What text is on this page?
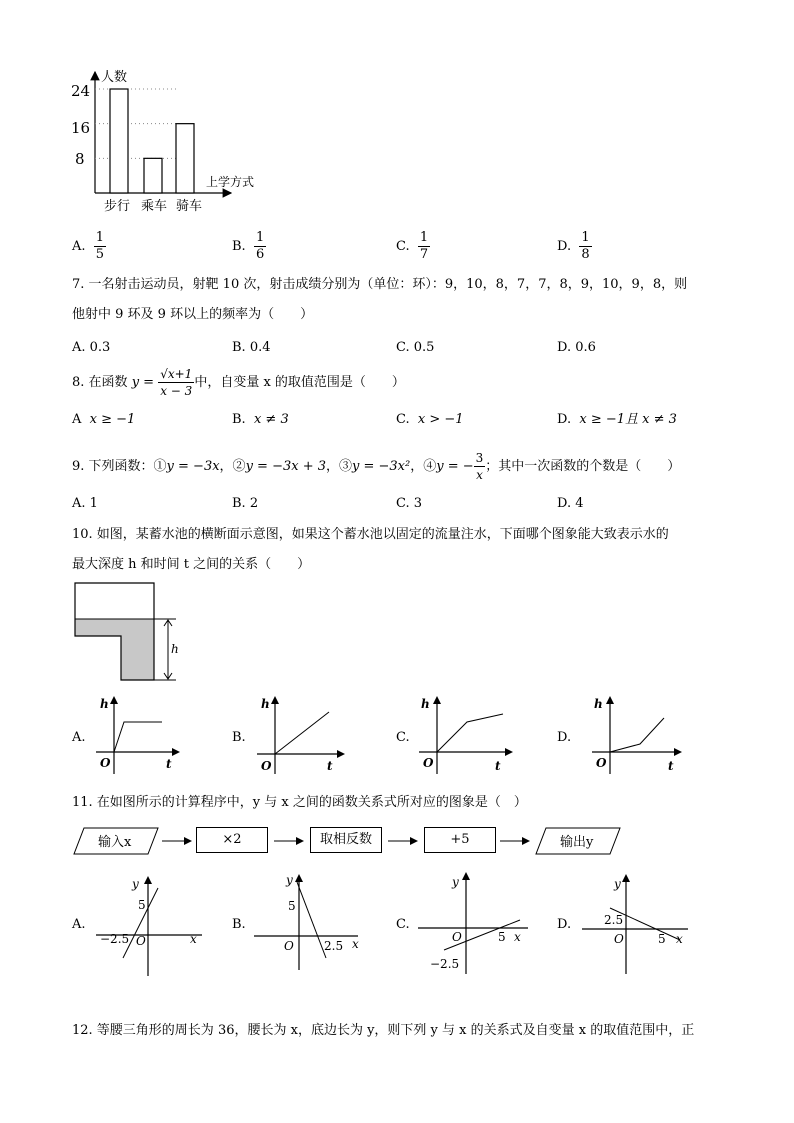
人数
上学方式
24
16
8
步行 乘车 骑车
A. $\frac{1}{5}$	B. $\frac{1}{6}$	C. $\frac{1}{7}$	D. $\frac{1}{8}$
7. 一名射击运动员，射靶 10 次，射击成绩分别为（单位：环）：9，10，8，7，7，8，9，10，9，8，则
他射中 9 环及 9 环以上的频率为（　　）
A. 0.3	B. 0.4	C. 0.5	D. 0.6
8. 在函数 $y = \frac{√x+1}{x - 3}$ 中，自变量 x 的取值范围是（　　）
A x ≥ −1	B. x ≠ 3	C. x > −1	D. x ≥ −1且 x ≠ 3
9. 下列函数：①y = −3x，②y = −3x + 3，③y = −3x²，④y = − $\frac{3}{x}$ ；其中一次函数的个数是（　　）
A. 1	B. 2	C. 3	D. 4
10. 如图，某蓄水池的横断面示意图，如果这个蓄水池以固定的流量注水，下面哪个图象能大致表示水的
最大深度 h 和时间 t 之间的关系（　　）
h
A.
h
t
O
B.
h
t
O
C.
h
t
O
D.
h
t
O
11. 在如图所示的计算程序中，y 与 x 之间的函数关系式所对应的图象是（　）
输入x	×2	取相反数	+5	输出y
A.
y
x
O
5
−2.5
B.
y
x
O
5
2.5
C.
y
x
O
−2.5
5
D.
y
x
O
2.5
5
12. 等腰三角形的周长为 36，腰长为 x，底边长为 y，则下列 y 与 x 的关系式及自变量 x 的取值范围中，正
